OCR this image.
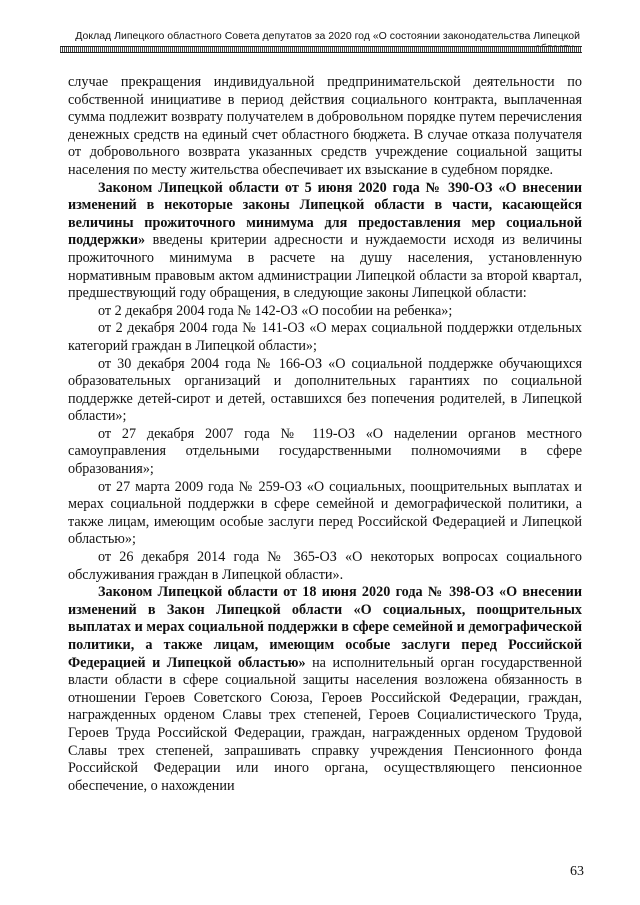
Доклад Липецкого областного Совета депутатов за 2020 год «О состоянии законодательства Липецкой

случае прекращения индивидуальной предпринимательской деятельности по собственной инициативе в период действия социального контракта, выплаченная сумма подлежит возврату получателем в добровольном порядке путем перечисления денежных средств на единый счет областного бюджета. В случае отказа получателя от добровольного возврата указанных средств учреждение социальной защиты населения по месту жительства обеспечивает их взыскание в судебном порядке.

Законом Липецкой области от 5 июня 2020 года № 390-ОЗ «О внесении изменений в некоторые законы Липецкой области в части, касающейся величины прожиточного минимума для предоставления мер социальной поддержки» введены критерии адресности и нуждаемости исходя из величины прожиточного минимума в расчете на душу населения, установленную нормативным правовым актом администрации Липецкой области за второй квартал, предшествующий году обращения, в следующие законы Липецкой области:

от 2 декабря 2004 года № 142-ОЗ «О пособии на ребенка»;

от 2 декабря 2004 года № 141-ОЗ «О мерах социальной поддержки отдельных категорий граждан в Липецкой области»;

от 30 декабря 2004 года № 166-ОЗ «О социальной поддержке обучающихся образовательных организаций и дополнительных гарантиях по социальной поддержке детей-сирот и детей, оставшихся без попечения родителей, в Липецкой области»;

от 27 декабря 2007 года № 119-ОЗ «О наделении органов местного самоуправления отдельными государственными полномочиями в сфере образования»;

от 27 марта 2009 года № 259-ОЗ «О социальных, поощрительных выплатах и мерах социальной поддержки в сфере семейной и демографической политики, а также лицам, имеющим особые заслуги перед Российской Федерацией и Липецкой областью»;

от 26 декабря 2014 года № 365-ОЗ «О некоторых вопросах социального обслуживания граждан в Липецкой области».

Законом Липецкой области от 18 июня 2020 года № 398-ОЗ «О внесении изменений в Закон Липецкой области «О социальных, поощрительных выплатах и мерах социальной поддержки в сфере семейной и демографической политики, а также лицам, имеющим особые заслуги перед Российской Федерацией и Липецкой областью» на исполнительный орган государственной власти области в сфере социальной защиты населения возложена обязанность в отношении Героев Советского Союза, Героев Российской Федерации, граждан, награжденных орденом Славы трех степеней, Героев Социалистического Труда, Героев Труда Российской Федерации, граждан, награжденных орденом Трудовой Славы трех степеней, запрашивать справку учреждения Пенсионного фонда Российской Федерации или иного органа, осуществляющего пенсионное обеспечение, о нахождении

63
